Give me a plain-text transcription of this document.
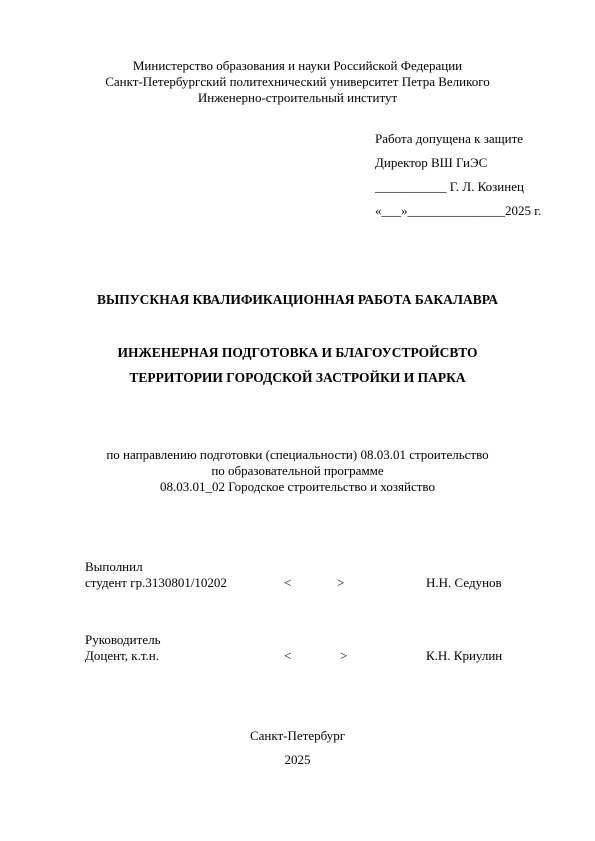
Министерство образования и науки Российской Федерации
Санкт-Петербургский политехнический университет Петра Великого
Инженерно-строительный институт
Работа допущена к защите
Директор ВШ ГиЭС
___________ Г. Л. Козинец
«___»_______________2025 г.
ВЫПУСКНАЯ КВАЛИФИКАЦИОННАЯ РАБОТА БАКАЛАВРА
ИНЖЕНЕРНАЯ ПОДГОТОВКА И БЛАГОУСТРОЙСВТО
ТЕРРИТОРИИ ГОРОДСКОЙ ЗАСТРОЙКИ И ПАРКА
по направлению подготовки (специальности) 08.03.01 строительство
по образовательной программе
08.03.01_02 Городское строительство и хозяйство
Выполнил
студент гр.3130801/10202	<	>	Н.Н. Седунов
Руководитель
Доцент, к.т.н.	<	>	К.Н. Криулин
Санкт-Петербург
2025
